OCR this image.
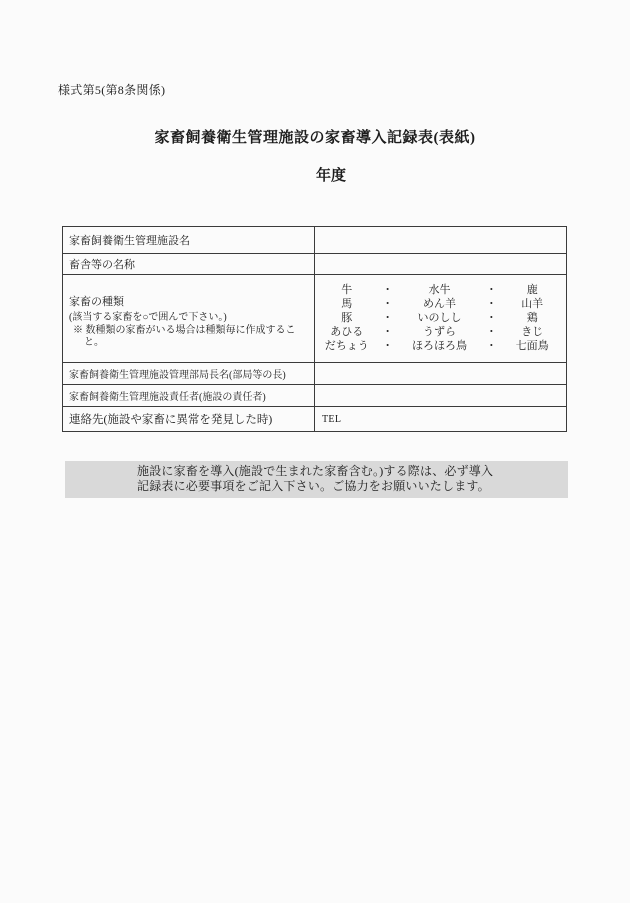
様式第5(第8条関係)
家畜飼養衛生管理施設の家畜導入記録表(表紙)
年度
家畜飼養衛生管理施設名
畜舎等の名称
家畜の種類
(該当する家畜を○で囲んで下さい。)
※ 数種類の家畜がいる場合は種類毎に作成するこ
と。
牛	・	水牛	・	鹿
馬	・	めん羊	・	山羊
豚	・	いのしし	・	鶏
あひる	・	うずら	・	きじ
だちょう	・	ほろほろ鳥	・	七面鳥
家畜飼養衛生管理施設管理部局長名(部局等の長)
家畜飼養衛生管理施設責任者(施設の責任者)
連絡先(施設や家畜に異常を発見した時)	TEL
施設に家畜を導入(施設で生まれた家畜含む。)する際は、必ず導入
記録表に必要事項をご記入下さい。ご協力をお願いいたします。
